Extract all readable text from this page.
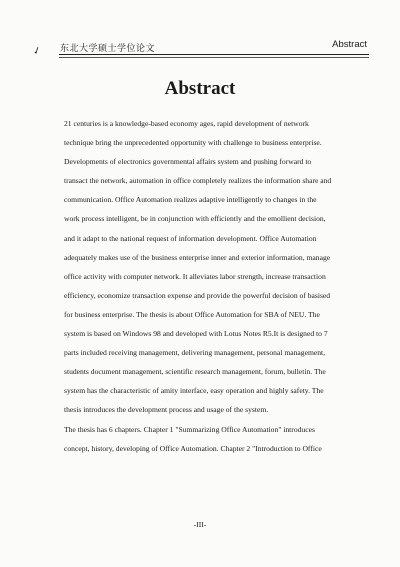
✓ 东北大学硕士学位论文	Abstract
Abstract

21 centuries is a knowledge-based economy ages, rapid development of network
technique bring the unprecedented opportunity with challenge to business enterprise.
Developments of electronics governmental affairs system and pushing forward to
transact the network, automation in office completely realizes the information share and
communication. Office Automation realizes adaptive intelligently to changes in the
work process intelligent, be in conjunction with efficiently and the emollient decision,
and it adapt to the national request of information development. Office Automation
adequately makes use of the business enterprise inner and exterior information, manage
office activity with computer network. It alleviates labor strength, increase transaction
efficiency, economize transaction expense and provide the powerful decision of basised
for business enterprise. The thesis is about Office Automation for SBA of NEU. The
system is based on Windows 98 and developed with Lotus Notes R5.It is designed to 7
parts included receiving management, delivering management, personal management,
students document management, scientific research management, forum, bulletin. The
system has the characteristic of amity interface, easy operation and highly safety. The
thesis introduces the development process and usage of the system.

The thesis has 6 chapters. Chapter 1 "Summarizing Office Automation" introduces
concept, history, developing of Office Automation. Chapter 2 "Introduction to Office

-III-
